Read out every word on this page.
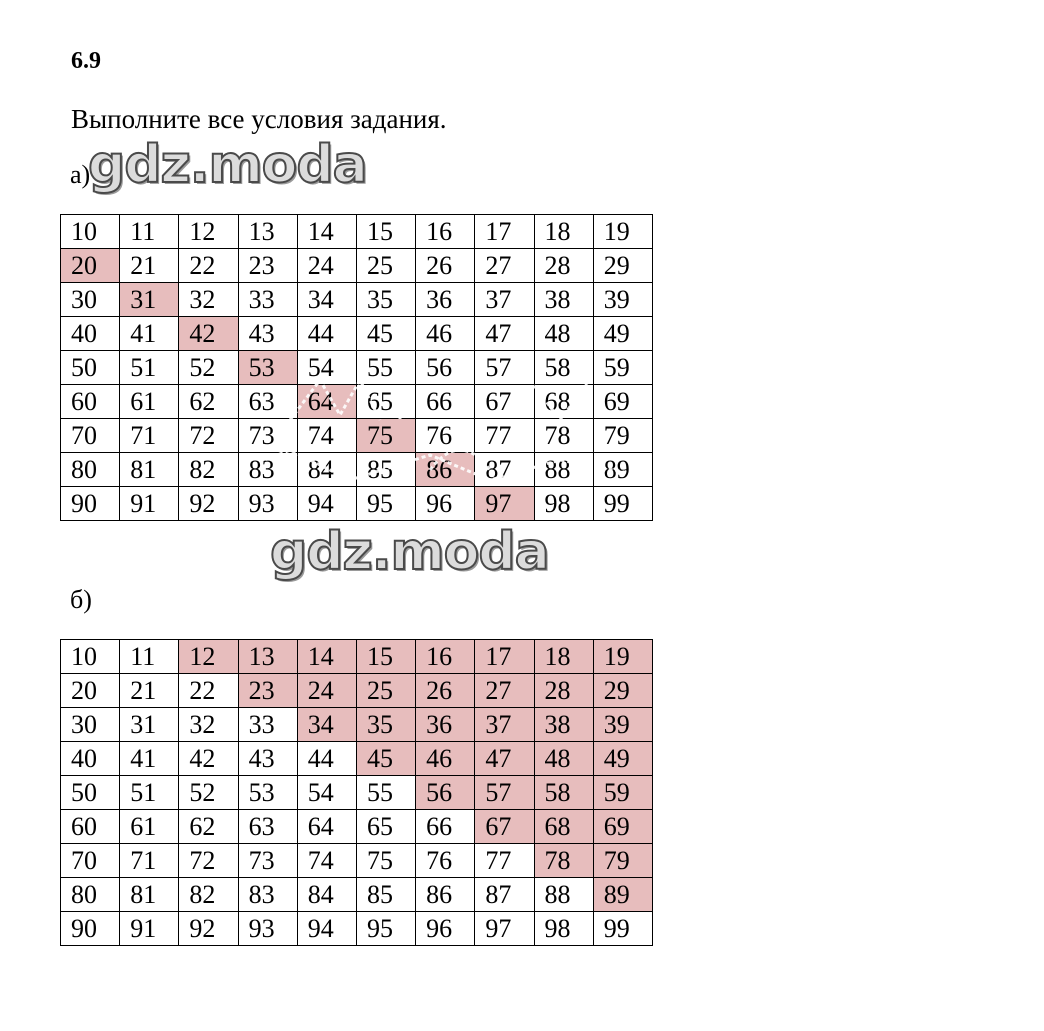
6.9
Выполните все условия задания.
а)
gdz.moda
10	11	12	13	14	15	16	17	18	19
20	21	22	23	24	25	26	27	28	29
30	31	32	33	34	35	36	37	38	39
40	41	42	43	44	45	46	47	48	49
50	51	52	53	54	55	56	57	58	59
60	61	62	63	64	65	66	67	68	69
70	71	72	73	74	75	76	77	78	79
80	81	82	83	84	85	86	87	88	89
90	91	92	93	94	95	96	97	98	99
gdz.moda
б)
10	11	12	13	14	15	16	17	18	19
20	21	22	23	24	25	26	27	28	29
30	31	32	33	34	35	36	37	38	39
40	41	42	43	44	45	46	47	48	49
50	51	52	53	54	55	56	57	58	59
60	61	62	63	64	65	66	67	68	69
70	71	72	73	74	75	76	77	78	79
80	81	82	83	84	85	86	87	88	89
90	91	92	93	94	95	96	97	98	99
